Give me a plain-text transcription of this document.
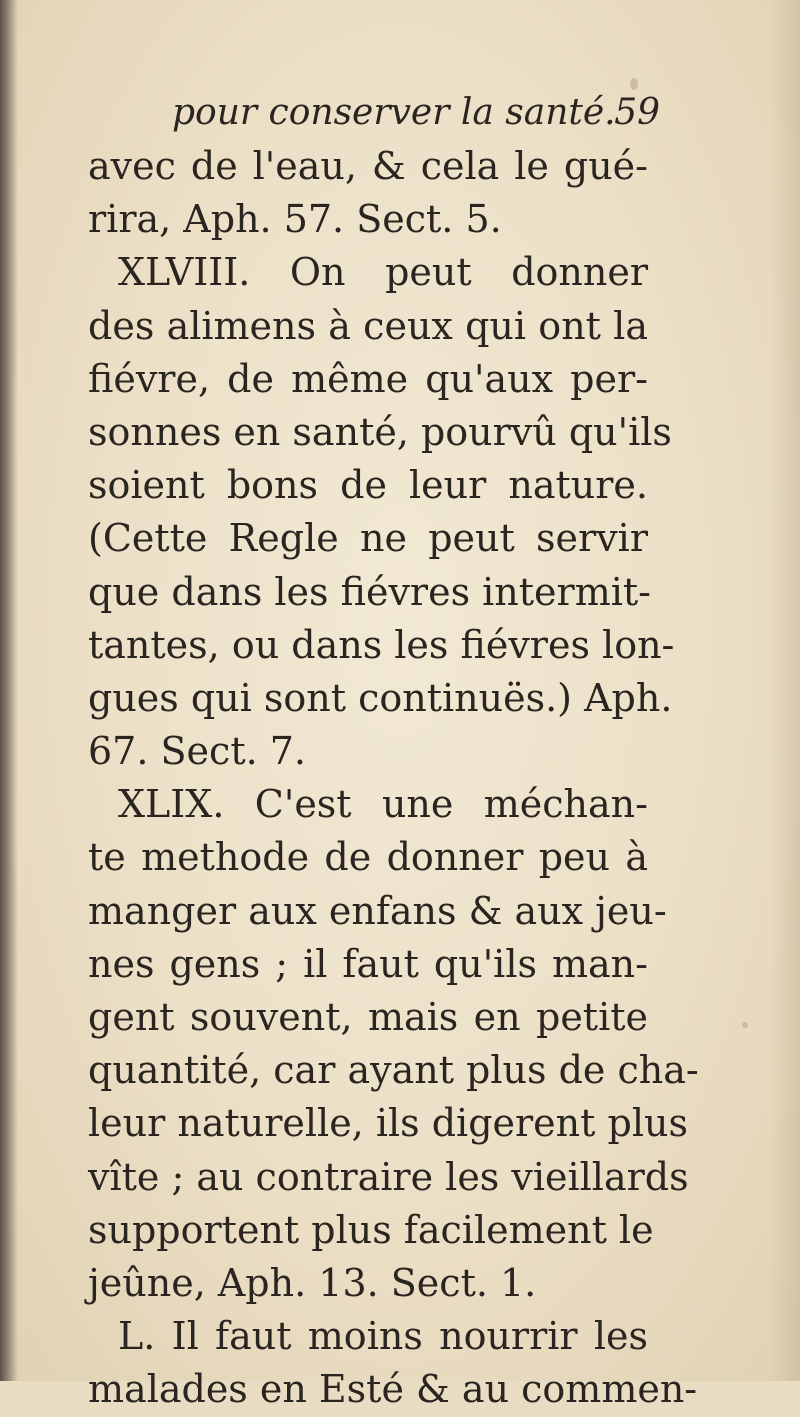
pour conserver la santé.
59
avec de l'eau, & cela le gué-
rira, Aph. 57. Sect. 5.
XLVIII. On peut donner
des alimens à ceux qui ont la
fiévre, de même qu'aux per-
sonnes en santé, pourvû qu'ils
soient bons de leur nature.
(Cette Regle ne peut servir
que dans les fiévres intermit-
tantes, ou dans les fiévres lon-
gues qui sont continuës.) Aph.
67. Sect. 7.
XLIX. C'est une méchan-
te methode de donner peu à
manger aux enfans & aux jeu-
nes gens ; il faut qu'ils man-
gent souvent, mais en petite
quantité, car ayant plus de cha-
leur naturelle, ils digerent plus
vîte ; au contraire les vieillards
supportent plus facilement le
jeûne, Aph. 13. Sect. 1.
L. Il faut moins nourrir les
malades en Esté & au commen-
